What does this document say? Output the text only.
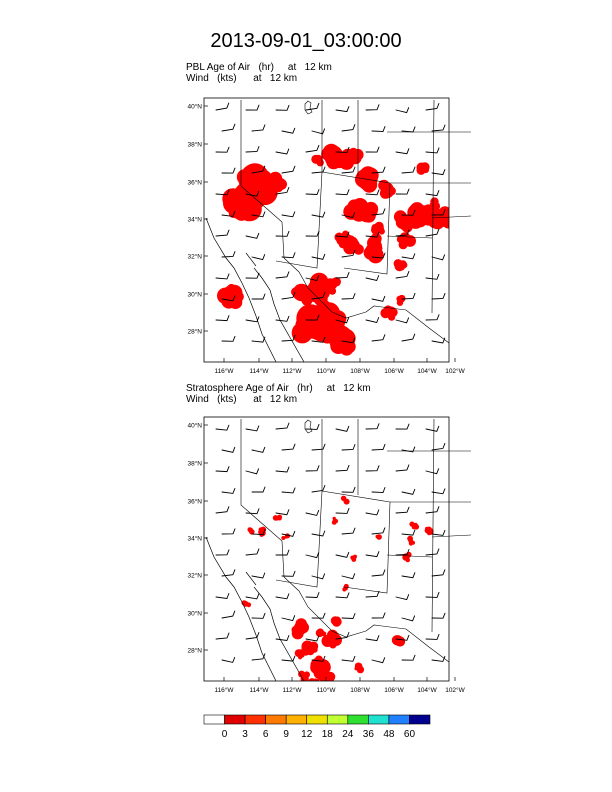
2013-09-01_03:00:00
PBL Age of Air   (hr)     at   12 km
Wind   (kts)      at   12 km
40°N
38°N
36°N
34°N
32°N
30°N
28°N
116°W 114°W 112°W 110°W 108°W 106°W 104°W 102°W
Stratosphere Age of Air   (hr)     at   12 km
Wind   (kts)      at   12 km
40°N
38°N
36°N
34°N
32°N
30°N
28°N
116°W 114°W 112°W 110°W 108°W 106°W 104°W 102°W
0 3 6 9 12 18 24 36 48 60
